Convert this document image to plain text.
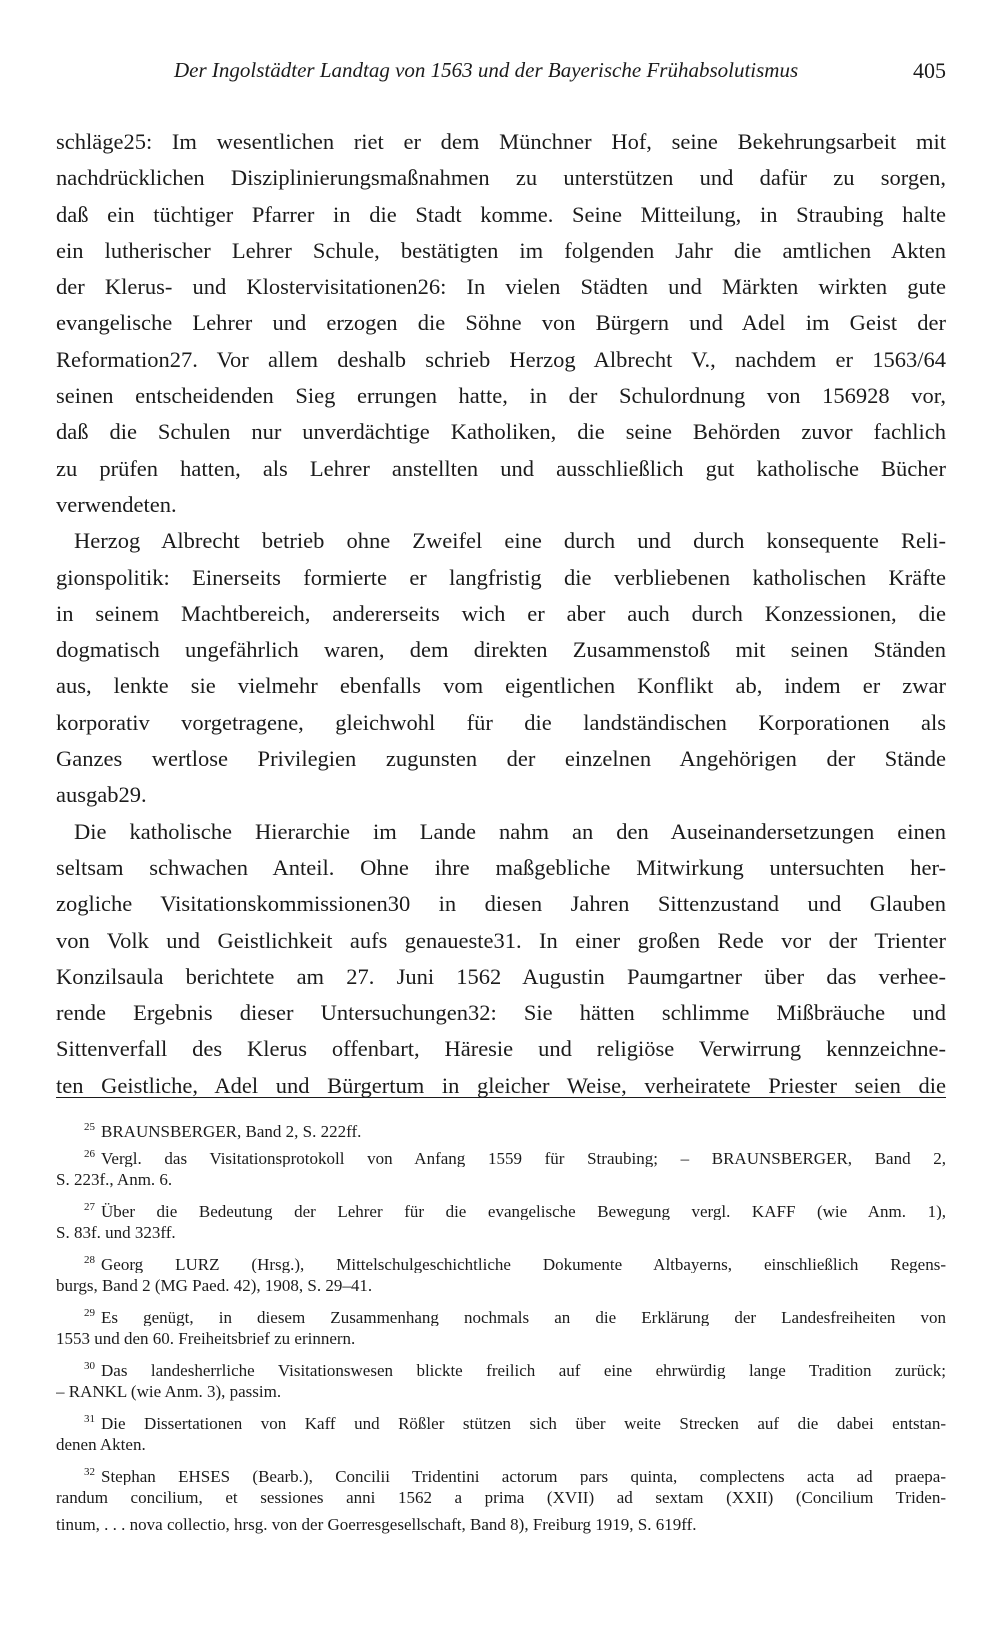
Der Ingolstädter Landtag von 1563 und der Bayerische Frühabsolutismus	405
schläge25: Im wesentlichen riet er dem Münchner Hof, seine Bekehrungsarbeit mit
nachdrücklichen Disziplinierungsmaßnahmen zu unterstützen und dafür zu sorgen,
daß ein tüchtiger Pfarrer in die Stadt komme. Seine Mitteilung, in Straubing halte
ein lutherischer Lehrer Schule, bestätigten im folgenden Jahr die amtlichen Akten
der Klerus- und Klostervisitationen26: In vielen Städten und Märkten wirkten gute
evangelische Lehrer und erzogen die Söhne von Bürgern und Adel im Geist der
Reformation27. Vor allem deshalb schrieb Herzog Albrecht V., nachdem er 1563/64
seinen entscheidenden Sieg errungen hatte, in der Schulordnung von 156928 vor,
daß die Schulen nur unverdächtige Katholiken, die seine Behörden zuvor fachlich
zu prüfen hatten, als Lehrer anstellten und ausschließlich gut katholische Bücher
verwendeten.
Herzog Albrecht betrieb ohne Zweifel eine durch und durch konsequente Reli-
gionspolitik: Einerseits formierte er langfristig die verbliebenen katholischen Kräfte
in seinem Machtbereich, andererseits wich er aber auch durch Konzessionen, die
dogmatisch ungefährlich waren, dem direkten Zusammenstoß mit seinen Ständen
aus, lenkte sie vielmehr ebenfalls vom eigentlichen Konflikt ab, indem er zwar
korporativ vorgetragene, gleichwohl für die landständischen Korporationen als
Ganzes wertlose Privilegien zugunsten der einzelnen Angehörigen der Stände
ausgab29.
Die katholische Hierarchie im Lande nahm an den Auseinandersetzungen einen
seltsam schwachen Anteil. Ohne ihre maßgebliche Mitwirkung untersuchten her-
zogliche Visitationskommissionen30 in diesen Jahren Sittenzustand und Glauben
von Volk und Geistlichkeit aufs genaueste31. In einer großen Rede vor der Trienter
Konzilsaula berichtete am 27. Juni 1562 Augustin Paumgartner über das verhee-
rende Ergebnis dieser Untersuchungen32: Sie hätten schlimme Mißbräuche und
Sittenverfall des Klerus offenbart, Häresie und religiöse Verwirrung kennzeichne-
ten Geistliche, Adel und Bürgertum in gleicher Weise, verheiratete Priester seien die
$^{25}$ BRAUNSBERGER, Band 2, S. 222ff.
$^{26}$ Vergl. das Visitationsprotokoll von Anfang 1559 für Straubing; – BRAUNSBERGER, Band 2,
S. 223f., Anm. 6.
$^{27}$ Über die Bedeutung der Lehrer für die evangelische Bewegung vergl. KAFF (wie Anm. 1),
S. 83f. und 323ff.
$^{28}$ Georg LURZ (Hrsg.), Mittelschulgeschichtliche Dokumente Altbayerns, einschließlich Regens-
burgs, Band 2 (MG Paed. 42), 1908, S. 29–41.
$^{29}$ Es genügt, in diesem Zusammenhang nochmals an die Erklärung der Landesfreiheiten von
1553 und den 60. Freiheitsbrief zu erinnern.
$^{30}$ Das landesherrliche Visitationswesen blickte freilich auf eine ehrwürdig lange Tradition zurück;
– RANKL (wie Anm. 3), passim.
$^{31}$ Die Dissertationen von Kaff und Rößler stützen sich über weite Strecken auf die dabei entstan-
denen Akten.
$^{32}$ Stephan EHSES (Bearb.), Concilii Tridentini actorum pars quinta, complectens acta ad praepa-
randum concilium, et sessiones anni 1562 a prima (XVII) ad sextam (XXII) (Concilium Triden-
tinum, . . . nova collectio, hrsg. von der Goerresgesellschaft, Band 8), Freiburg 1919, S. 619ff.
